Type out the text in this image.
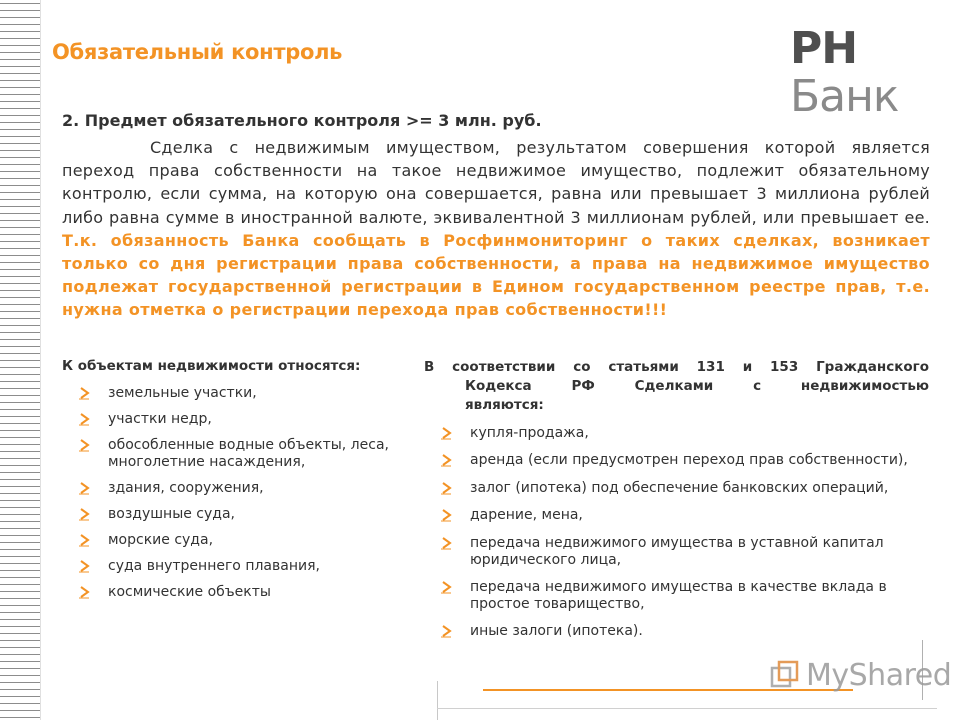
Обязательный контроль	РН Банк
2. Предмет обязательного контроля >= 3 млн. руб.
Сделка с недвижимым имуществом, результатом совершения которой является переход права собственности на такое недвижимое имущество, подлежит обязательному контролю, если сумма, на которую она совершается, равна или превышает 3 миллиона рублей либо равна сумме в иностранной валюте, эквивалентной 3 миллионам рублей, или превышает ее. Т.к. обязанность Банка сообщать в Росфинмониторинг о таких сделках, возникает только со дня регистрации права собственности, а права на недвижимое имущество подлежат государственной регистрации в Едином государственном реестре прав, т.е. нужна отметка о регистрации перехода прав собственности!!!
К объектам недвижимости относятся:	В соответствии со статьями 131 и 153 Гражданского
Кодекса РФ Сделками с недвижимостью
являются:
земельные участки,
участки недр,
обособленные водные объекты, леса, многолетние насаждения,
здания, сооружения,
воздушные суда,
морские суда,
суда внутреннего плавания,
космические объекты
купля-продажа,
аренда (если предусмотрен переход прав собственности),
залог (ипотека) под обеспечение банковских операций,
дарение, мена,
передача недвижимого имущества в уставной капитал юридического лица,
передача недвижимого имущества в качестве вклада в простое товарищество,
иные залоги (ипотека).
MyShared
